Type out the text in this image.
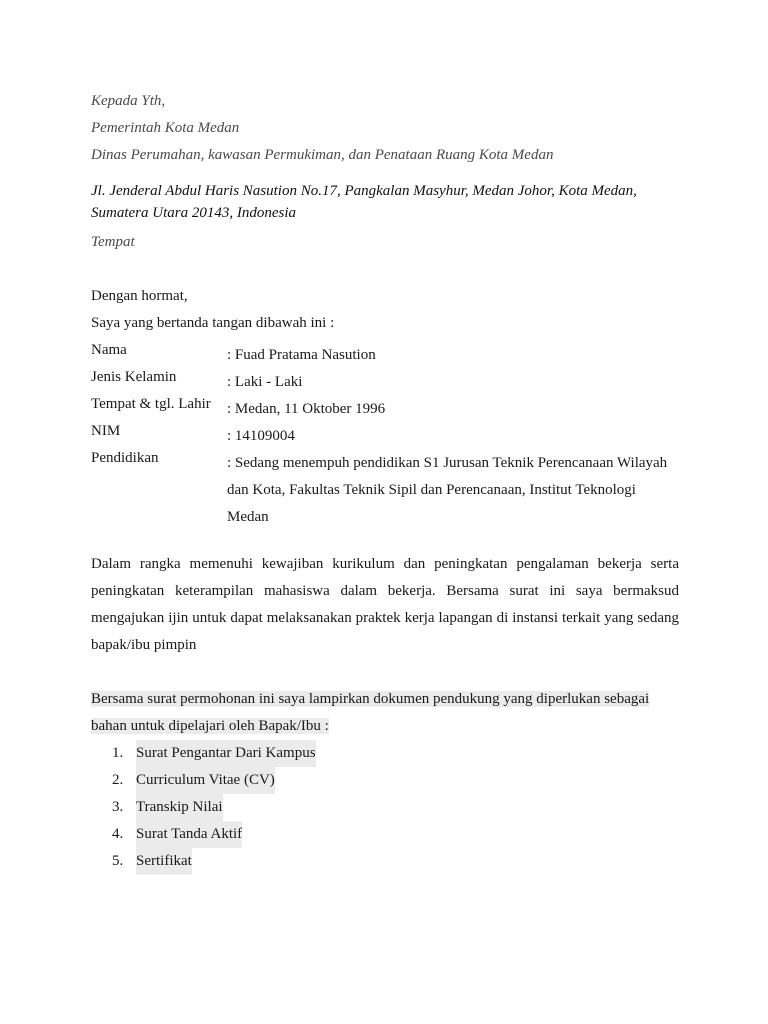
Kepada Yth,
Pemerintah Kota Medan
Dinas Perumahan, kawasan Permukiman, dan Penataan Ruang Kota Medan
Jl. Jenderal Abdul Haris Nasution No.17, Pangkalan Masyhur, Medan Johor, Kota Medan, Sumatera Utara 20143, Indonesia
Tempat
Dengan hormat,
Saya yang bertanda tangan dibawah ini :
Nama	: Fuad Pratama Nasution
Jenis Kelamin	: Laki - Laki
Tempat & tgl. Lahir : Medan, 11 Oktober 1996
NIM	: 14109004
Pendidikan	: Sedang menempuh pendidikan S1 Jurusan Teknik Perencanaan Wilayah dan Kota, Fakultas Teknik Sipil dan Perencanaan, Institut Teknologi Medan
Dalam rangka memenuhi kewajiban kurikulum dan peningkatan pengalaman bekerja serta
peningkatan keterampilan mahasiswa dalam bekerja. Bersama surat ini saya bermaksud
mengajukan ijin untuk dapat melaksanakan praktek kerja lapangan di instansi terkait yang sedang
bapak/ibu pimpin
Bersama surat permohonan ini saya lampirkan dokumen pendukung yang diperlukan sebagai
bahan untuk dipelajari oleh Bapak/Ibu :
1. Surat Pengantar Dari Kampus
2. Curriculum Vitae (CV)
3. Transkip Nilai
4. Surat Tanda Aktif
5. Sertifikat
